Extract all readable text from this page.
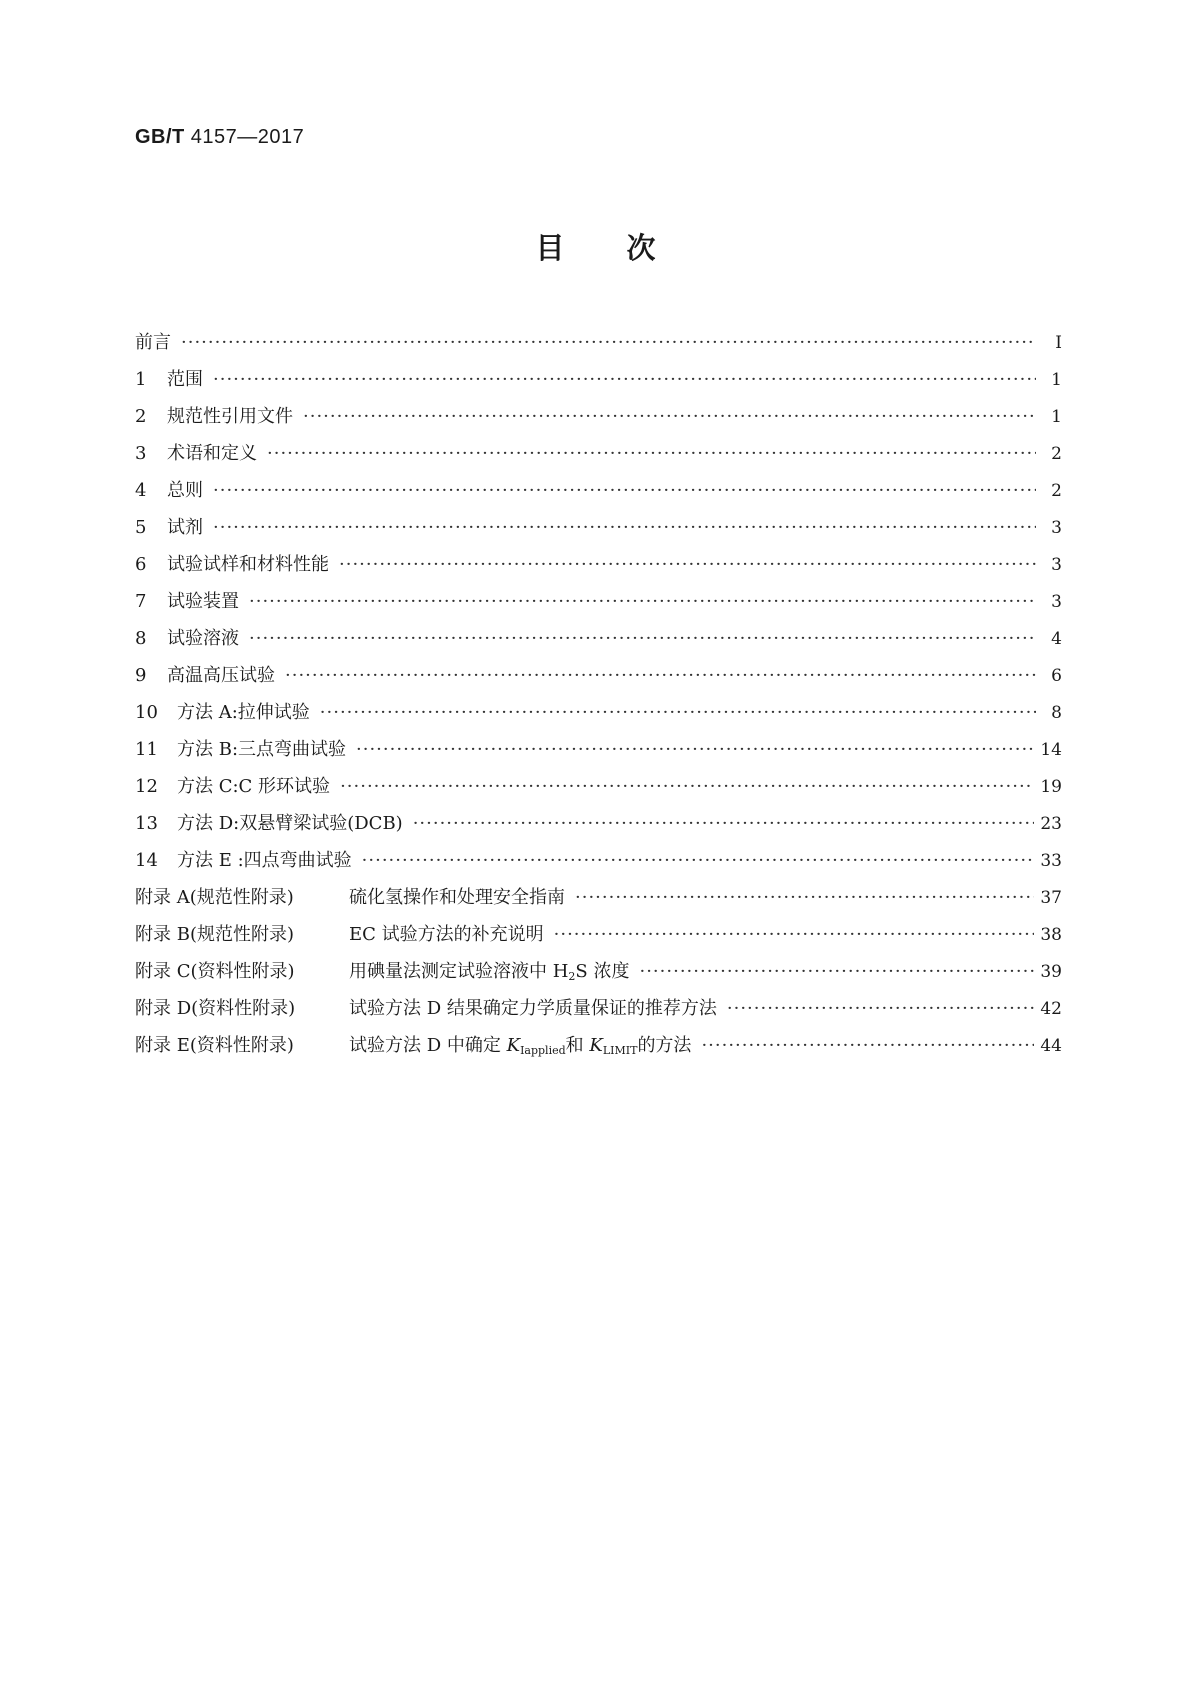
GB/T 4157—2017
目 次
前言 ·····	Ⅰ
1 范围 ·····	1
2 规范性引用文件 ·····	1
3 术语和定义 ·····	2
4 总则 ·····	2
5 试剂 ·····	3
6 试验试样和材料性能 ·····	3
7 试验装置 ·····	3
8 试验溶液 ·····	4
9 高温高压试验 ·····	6
10 方法 A:拉伸试验 ·····	8
11 方法 B:三点弯曲试验 ·····	14
12 方法 C:C 形环试验 ·····	19
13 方法 D:双悬臂梁试验(DCB) ·····	23
14 方法 E :四点弯曲试验 ·····	33
附录 A(规范性附录)	硫化氢操作和处理安全指南 ·····	37
附录 B(规范性附录)	EC 试验方法的补充说明 ·····	38
附录 C(资料性附录)	用碘量法测定试验溶液中 $H_2S$ 浓度 ·····	39
附录 D(资料性附录)	试验方法 D 结果确定力学质量保证的推荐方法 ·····	42
附录 E(资料性附录)	试验方法 D 中确定 $K_{Iapplied}$和 $K_{LIMIT}$的方法 ·····	44
